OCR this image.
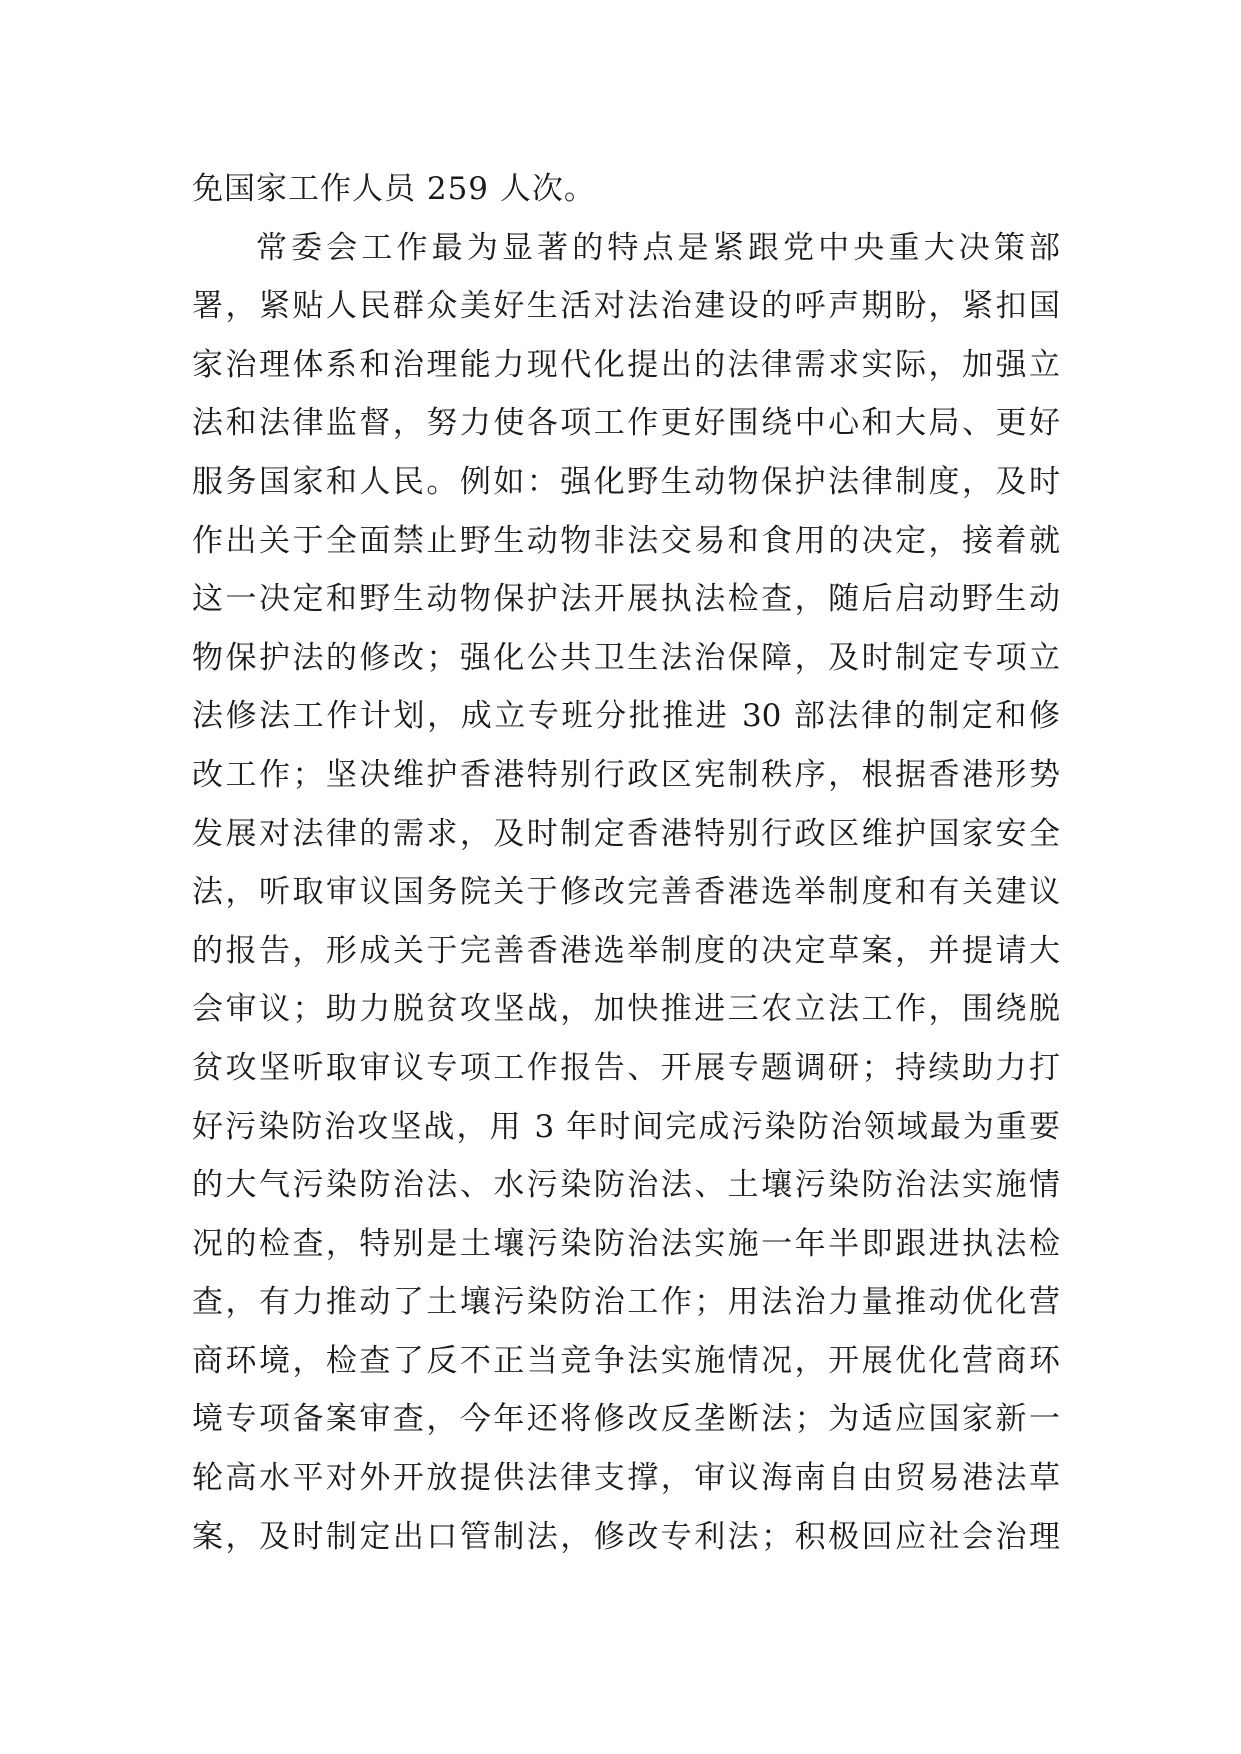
免国家工作人员 259 人次。
常委会工作最为显著的特点是紧跟党中央重大决策部
署，紧贴人民群众美好生活对法治建设的呼声期盼，紧扣国
家治理体系和治理能力现代化提出的法律需求实际，加强立
法和法律监督，努力使各项工作更好围绕中心和大局、更好
服务国家和人民。例如：强化野生动物保护法律制度，及时
作出关于全面禁止野生动物非法交易和食用的决定，接着就
这一决定和野生动物保护法开展执法检查，随后启动野生动
物保护法的修改；强化公共卫生法治保障，及时制定专项立
法修法工作计划，成立专班分批推进 30 部法律的制定和修
改工作；坚决维护香港特别行政区宪制秩序，根据香港形势
发展对法律的需求，及时制定香港特别行政区维护国家安全
法，听取审议国务院关于修改完善香港选举制度和有关建议
的报告，形成关于完善香港选举制度的决定草案，并提请大
会审议；助力脱贫攻坚战，加快推进三农立法工作，围绕脱
贫攻坚听取审议专项工作报告、开展专题调研；持续助力打
好污染防治攻坚战，用 3 年时间完成污染防治领域最为重要
的大气污染防治法、水污染防治法、土壤污染防治法实施情
况的检查，特别是土壤污染防治法实施一年半即跟进执法检
查，有力推动了土壤污染防治工作；用法治力量推动优化营
商环境，检查了反不正当竞争法实施情况，开展优化营商环
境专项备案审查，今年还将修改反垄断法；为适应国家新一
轮高水平对外开放提供法律支撑，审议海南自由贸易港法草
案，及时制定出口管制法，修改专利法；积极回应社会治理
